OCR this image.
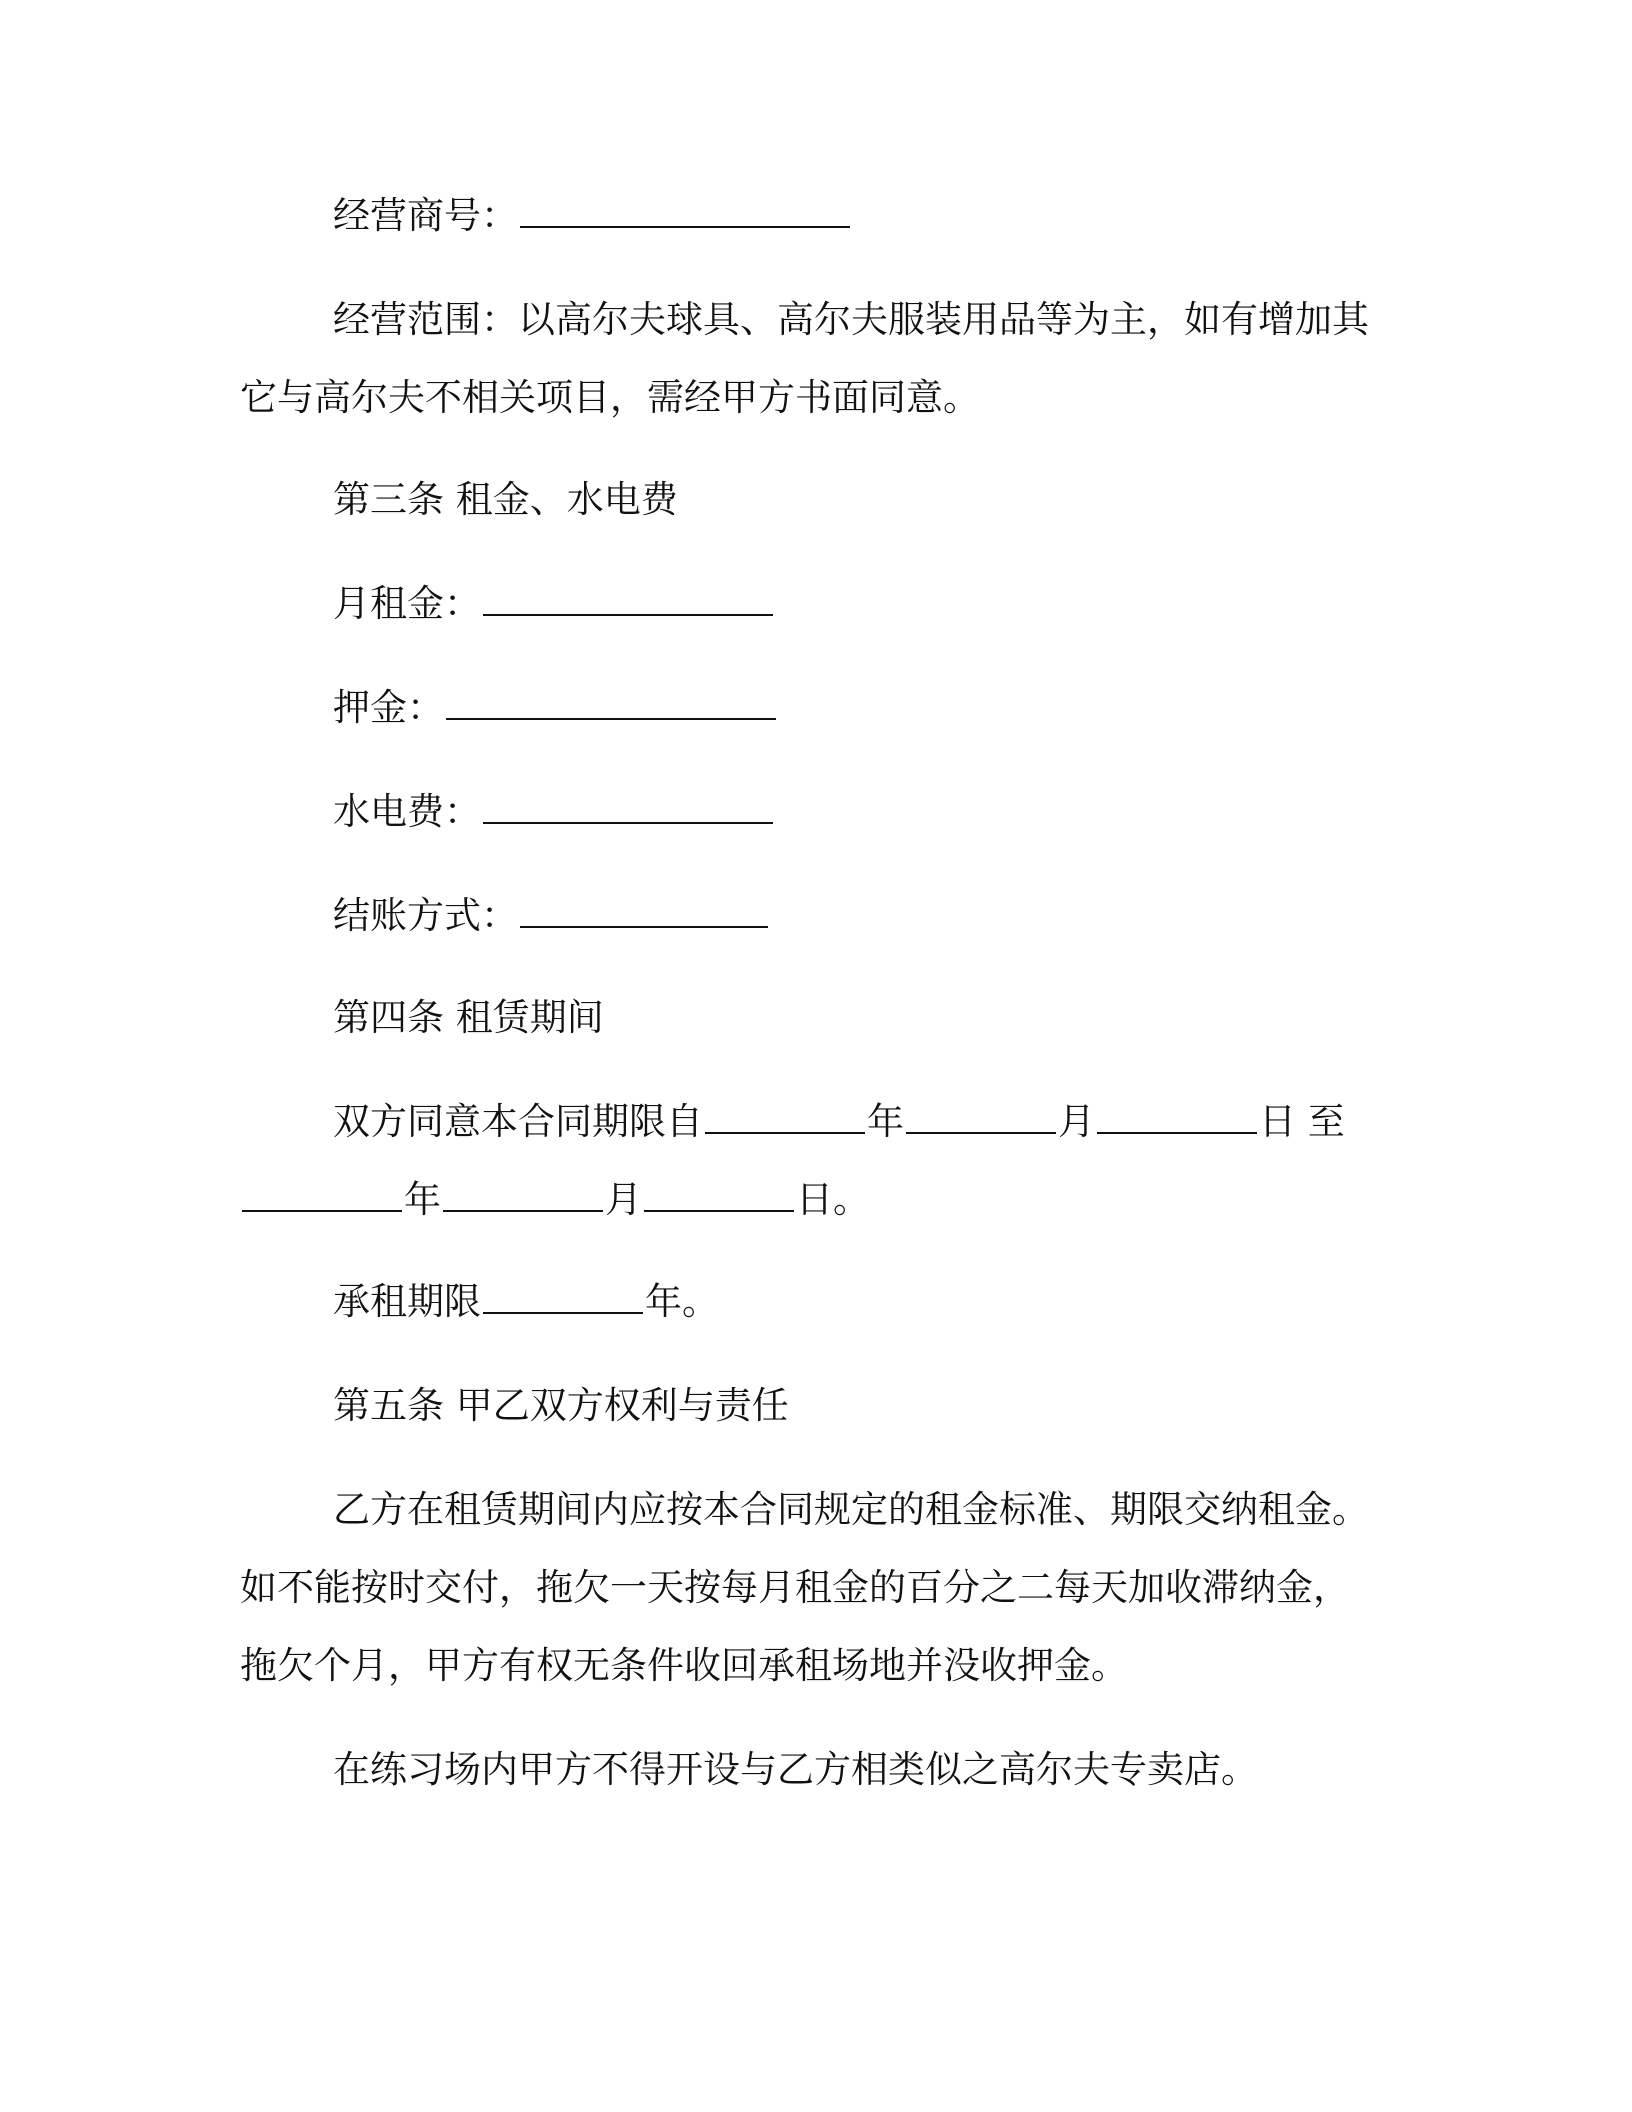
经营商号：
经营范围：以高尔夫球具、高尔夫服装用品等为主，如有增加其
它与高尔夫不相关项目，需经甲方书面同意。
第三条 租金、水电费
月租金：
押金：
水电费：
结账方式：
第四条 租赁期间
双方同意本合同期限自	年	月	日 至
年	月	日。
承租期限	年。
第五条 甲乙双方权利与责任
乙方在租赁期间内应按本合同规定的租金标准、期限交纳租金。
如不能按时交付，拖欠一天按每月租金的百分之二每天加收滞纳金，
拖欠个月，甲方有权无条件收回承租场地并没收押金。
在练习场内甲方不得开设与乙方相类似之高尔夫专卖店。
